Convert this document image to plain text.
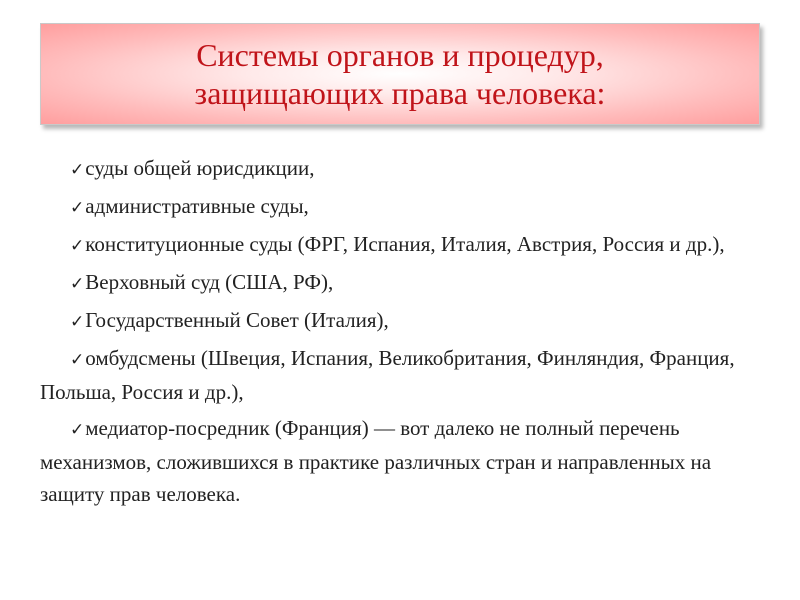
Системы органов и процедур,
защищающих права человека:
✓суды общей юрисдикции,
✓административные суды,
✓конституционные суды (ФРГ, Испания, Италия, Австрия, Россия и др.),
✓Верховный суд (США, РФ),
✓Государственный Совет (Италия),
✓омбудсмены (Швеция, Испания, Великобритания, Финляндия, Франция, Польша, Россия и др.),
✓медиатор-посредник (Франция) — вот далеко не полный перечень механизмов, сложившихся в практике различных стран и направленных на защиту прав человека.
